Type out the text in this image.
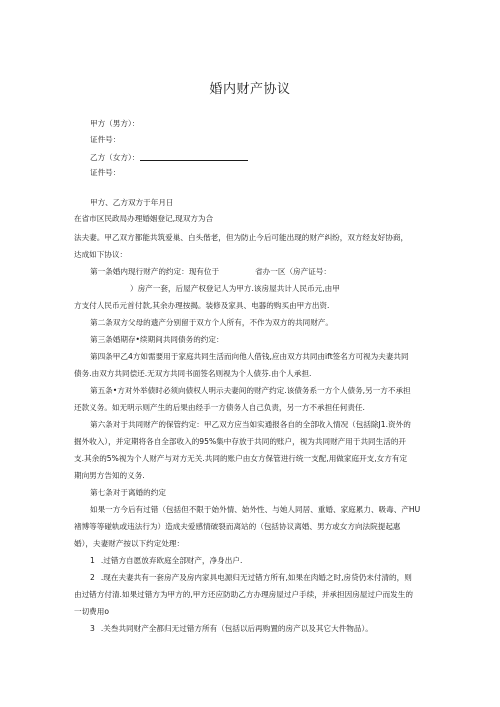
婚内财产协议
甲方（男方）：
证件号：
乙方（女方）：
证件号：
甲方、乙方双方于年月日
在省市区民政局办理婚姻登记,现双方为合
法夫妻。甲乙双方都能共筑爱巢、白头偕老，但为防止今后可能出现的财产纠纷，双方经友好协商，
达成如下协议：
第一条婚内现行财产的约定：现有位于	省办一区（房产证号：
）房产一套，后屋产权登记人为甲方.该房屋共计人民币元,由甲
方支付人民币元首付款,其余办理按揭。装修及家具、电器的购买由甲方出资.
第二条双方父母的遗产分别留于双方个人所有，不作为双方的共同财产。
第三条婚期存•续期间共同债务的约定：
第四条甲乙4方如需要用于家庭共同生活而向他人借钱,应由双方共同由ift签名方可视为夫妻共同
债务.由双方共同偿还.无双方共同书面签名则视为个人债芬.由个人承担.
第五条•方对外举债时必须向债权人明示夫妻间的财产约定.该债务系一方个人债务,另一方不承担
还款义务。如无明示则产生的后果由经手一方债务人自己负责，另一方不承担任何责任.
第六条对于共同财产的保管约定：甲乙双方应当如实通报各自的全部收入情况（包括除J1.资外的
掘外收入），并定期将各自全部收入的95%集中存放于共同的账户，视为共同财产用于共同生活的开
支.其余的5%视为个人财产与对方无关.共同的账户由女方保管进行统一支配,用做家庭开支,女方有定
期向男方告知的义务.
第七条对于离婚的约定
如果一方今后有过错（包括但不限于始外情、始外性、与她人同居、重婚、家庭累力、吸毒、产HU
褚博等等碰轨或违法行为）造成夫爱感情破裂而离站的（包括协议离婚、男方或女方向法院提起惠
婚），夫妻财产按以下约定处理：
1 .过错方自愿放弃欧庭全部财产，净身出户.
2 .现在夫妻共有一套房产及房内家具电源归无过错方所有,如果在肉婚之时,房贷仍未付清的，则
由过错方付清.如果过错方为甲方的,甲方还应防助乙方办理房屋过户手续，并承担因房屋过户而发生的
一切费用o
3 .关叁共同财产全都归无过错方所有（包括以后再购置的房产以及其它大件物品）。
